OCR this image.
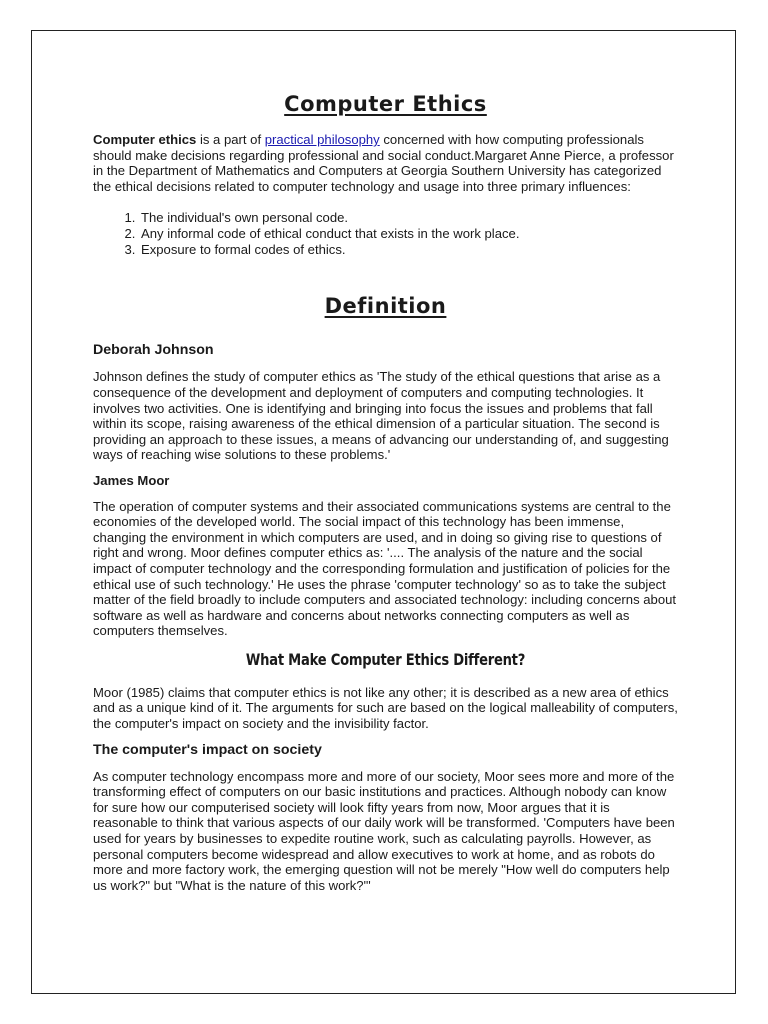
Computer Ethics

Computer ethics is a part of practical philosophy concerned with how computing professionals should make decisions regarding professional and social conduct.Margaret Anne Pierce, a professor in the Department of Mathematics and Computers at Georgia Southern University has categorized the ethical decisions related to computer technology and usage into three primary influences:

1. The individual's own personal code.
2. Any informal code of ethical conduct that exists in the work place.
3. Exposure to formal codes of ethics.
Definition
Deborah Johnson

Johnson defines the study of computer ethics as 'The study of the ethical questions that arise as a consequence of the development and deployment of computers and computing technologies. It involves two activities. One is identifying and bringing into focus the issues and problems that fall within its scope, raising awareness of the ethical dimension of a particular situation. The second is providing an approach to these issues, a means of advancing our understanding of, and suggesting ways of reaching wise solutions to these problems.'

James Moor

The operation of computer systems and their associated communications systems are central to the economies of the developed world. The social impact of this technology has been immense, changing the environment in which computers are used, and in doing so giving rise to questions of right and wrong. Moor defines computer ethics as: '.... The analysis of the nature and the social impact of computer technology and the corresponding formulation and justification of policies for the ethical use of such technology.' He uses the phrase 'computer technology' so as to take the subject matter of the field broadly to include computers and associated technology: including concerns about software as well as hardware and concerns about networks connecting computers as well as computers themselves.

What Make Computer Ethics Different?

Moor (1985) claims that computer ethics is not like any other; it is described as a new area of ethics and as a unique kind of it. The arguments for such are based on the logical malleability of computers, the computer's impact on society and the invisibility factor.

The computer's impact on society

As computer technology encompass more and more of our society, Moor sees more and more of the transforming effect of computers on our basic institutions and practices. Although nobody can know for sure how our computerised society will look fifty years from now, Moor argues that it is reasonable to think that various aspects of our daily work will be transformed. 'Computers have been used for years by businesses to expedite routine work, such as calculating payrolls. However, as personal computers become widespread and allow executives to work at home, and as robots do more and more factory work, the emerging question will not be merely "How well do computers help us work?" but "What is the nature of this work?"'
